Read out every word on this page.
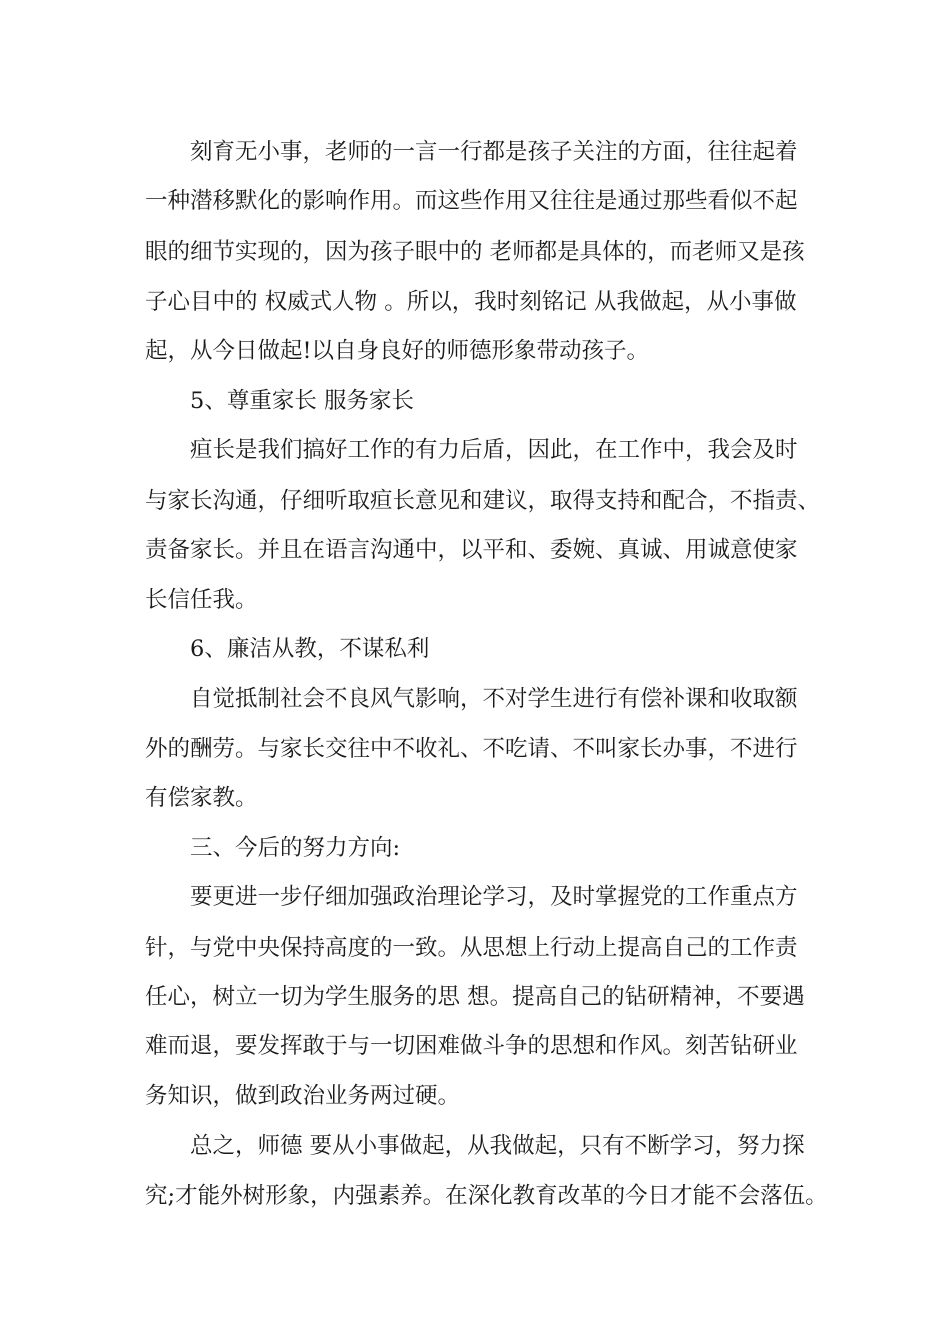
刻育无小事，老师的一言一行都是孩子关注的方面，往往起着

一种潜移默化的影响作用。而这些作用又往往是通过那些看似不起

眼的细节实现的，因为孩子眼中的 老师都是具体的，而老师又是孩

子心目中的 权威式人物 。所以，我时刻铭记 从我做起，从小事做

起，从今日做起!以自身良好的师德形象带动孩子。

5、尊重家长 服务家长

疸长是我们搞好工作的有力后盾，因此，在工作中，我会及时

与家长沟通，仔细听取疸长意见和建议，取得支持和配合，不指责、

责备家长。并且在语言沟通中，以平和、委婉、真诚、用诚意使家

长信任我。

6、廉洁从教，不谋私利

自觉抵制社会不良风气影响，不对学生进行有偿补课和收取额

外的酬劳。与家长交往中不收礼、不吃请、不叫家长办事，不进行

有偿家教。

三、今后的努力方向:

要更进一步仔细加强政治理论学习，及时掌握党的工作重点方

针，与党中央保持高度的一致。从思想上行动上提高自己的工作责

任心，树立一切为学生服务的思 想。提高自己的钻研精神，不要遇

难而退，要发挥敢于与一切困难做斗争的思想和作风。刻苦钻研业

务知识，做到政治业务两过硬。

总之，师德 要从小事做起，从我做起，只有不断学习，努力探

究;才能外树形象，内强素养。在深化教育改革的今日才能不会落伍。
